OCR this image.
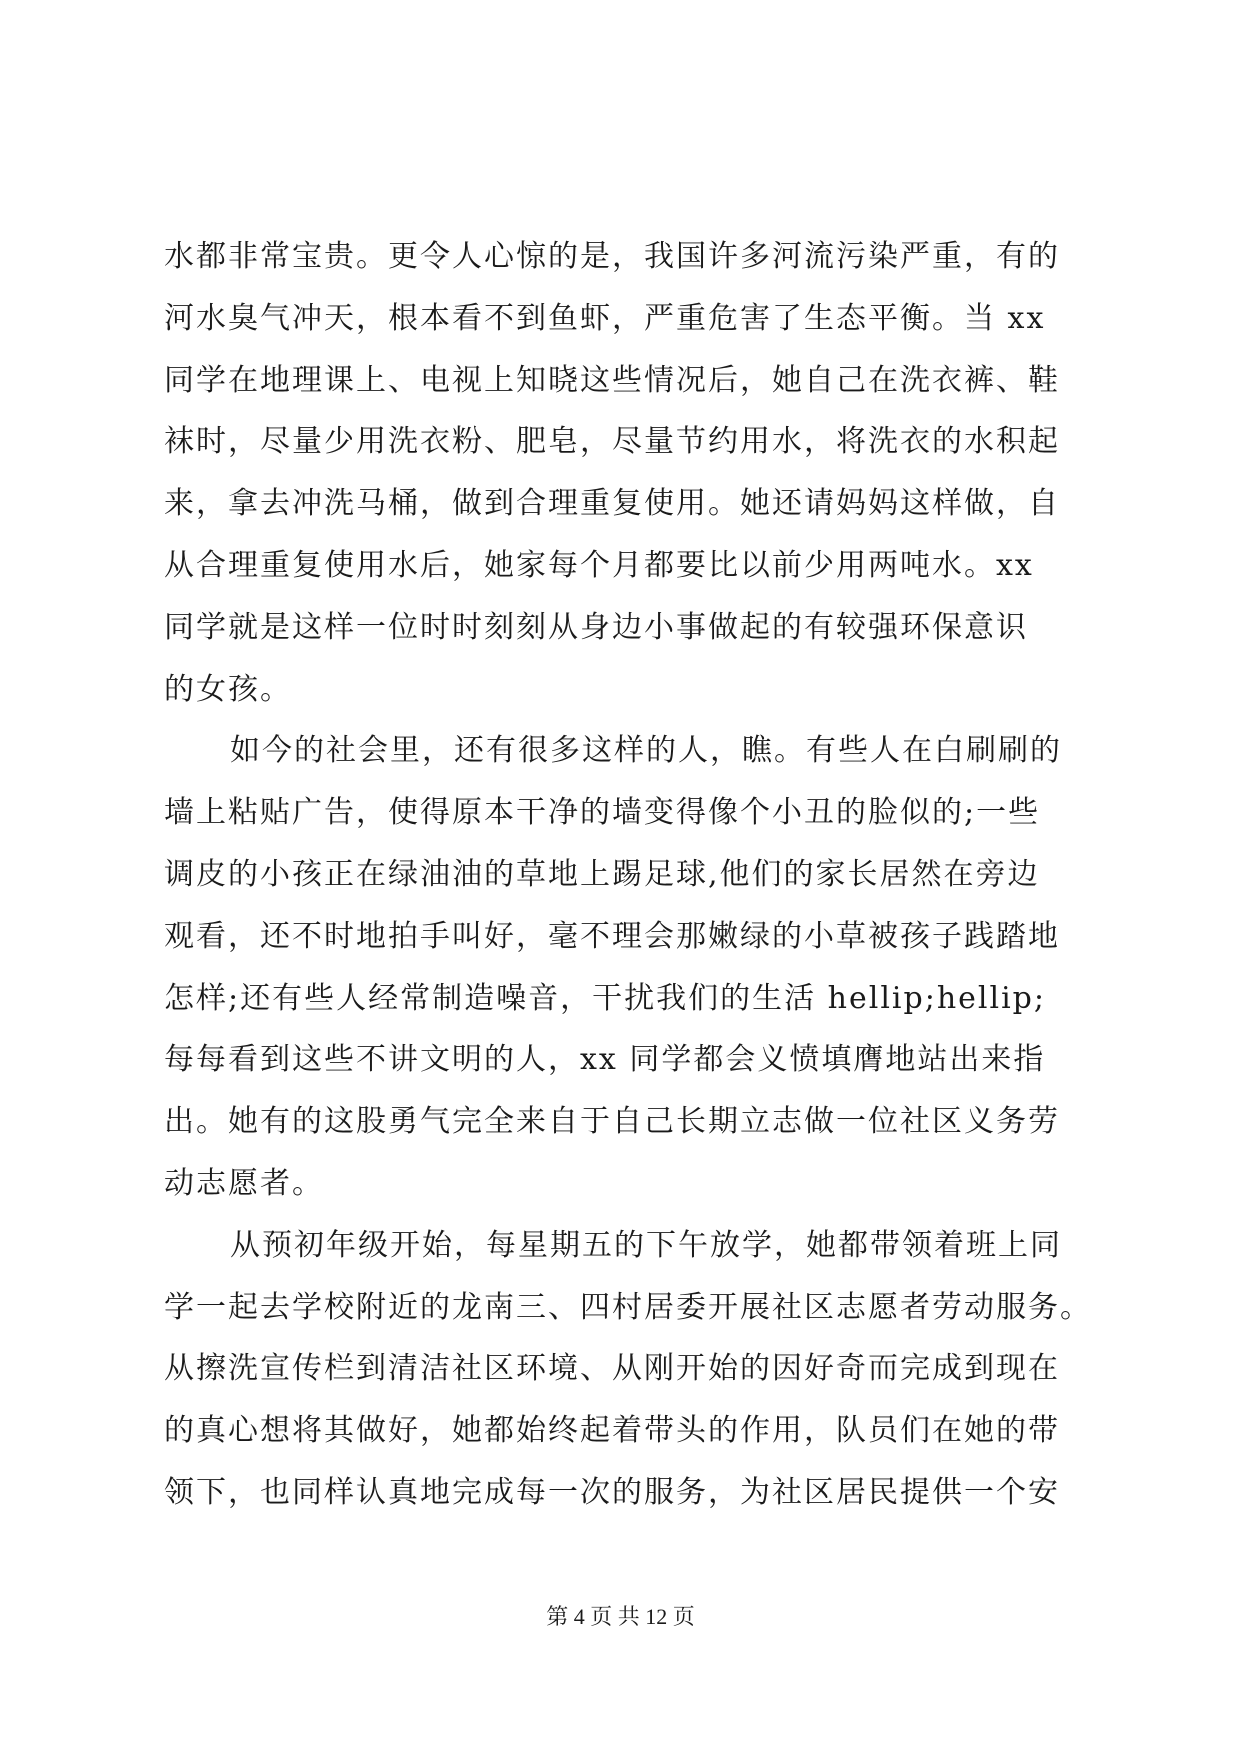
水都非常宝贵。更令人心惊的是，我国许多河流污染严重，有的
河水臭气冲天，根本看不到鱼虾，严重危害了生态平衡。当 xx
同学在地理课上、电视上知晓这些情况后，她自己在洗衣裤、鞋
袜时，尽量少用洗衣粉、肥皂，尽量节约用水，将洗衣的水积起
来，拿去冲洗马桶，做到合理重复使用。她还请妈妈这样做，自
从合理重复使用水后，她家每个月都要比以前少用两吨水。xx
同学就是这样一位时时刻刻从身边小事做起的有较强环保意识
的女孩。
如今的社会里，还有很多这样的人，瞧。有些人在白刷刷的
墙上粘贴广告，使得原本干净的墙变得像个小丑的脸似的;一些
调皮的小孩正在绿油油的草地上踢足球,他们的家长居然在旁边
观看，还不时地拍手叫好，毫不理会那嫩绿的小草被孩子践踏地
怎样;还有些人经常制造噪音，干扰我们的生活 hellip;hellip;
每每看到这些不讲文明的人，xx 同学都会义愤填膺地站出来指
出。她有的这股勇气完全来自于自己长期立志做一位社区义务劳
动志愿者。
从预初年级开始，每星期五的下午放学，她都带领着班上同
学一起去学校附近的龙南三、四村居委开展社区志愿者劳动服务。
从擦洗宣传栏到清洁社区环境、从刚开始的因好奇而完成到现在
的真心想将其做好，她都始终起着带头的作用，队员们在她的带
领下，也同样认真地完成每一次的服务，为社区居民提供一个安
第 4 页 共 12 页
